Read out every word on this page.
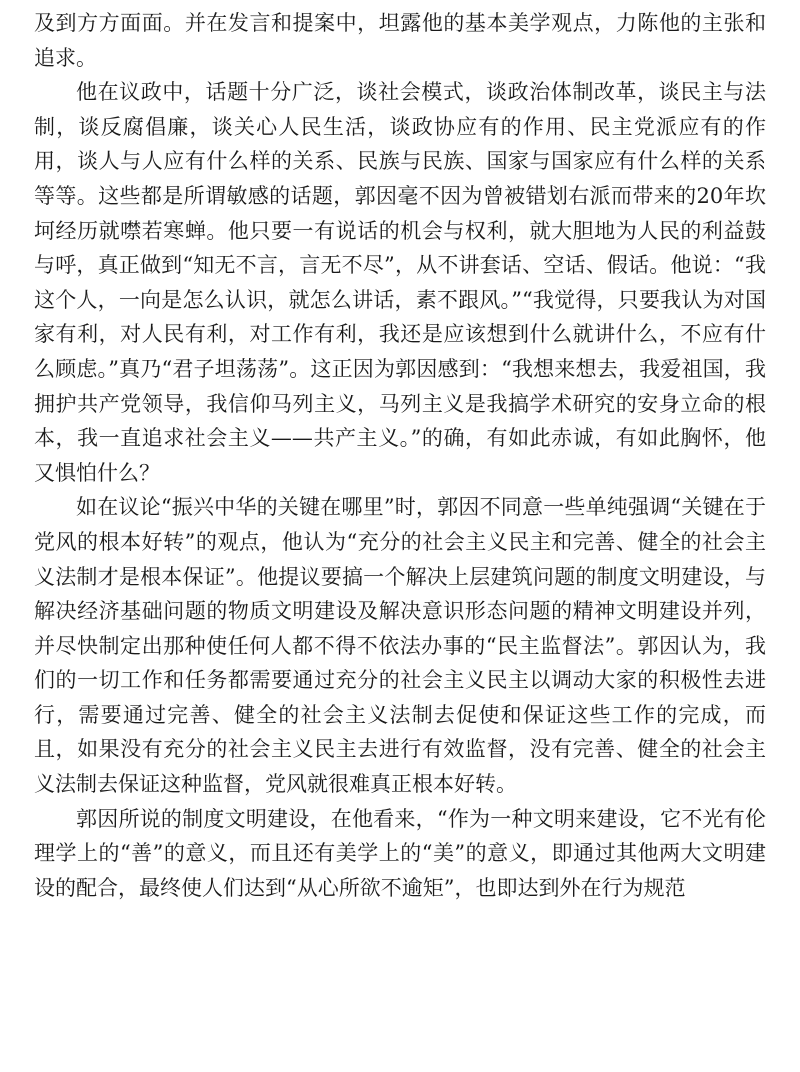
及到方方面面。并在发言和提案中，坦露他的基本美学观点，力陈他的主张和追求。

他在议政中，话题十分广泛，谈社会模式，谈政治体制改革，谈民主与法制，谈反腐倡廉，谈关心人民生活，谈政协应有的作用、民主党派应有的作用，谈人与人应有什么样的关系、民族与民族、国家与国家应有什么样的关系等等。这些都是所谓敏感的话题，郭因毫不因为曾被错划右派而带来的20年坎坷经历就噤若寒蝉。他只要一有说话的机会与权利，就大胆地为人民的利益鼓与呼，真正做到“知无不言，言无不尽”，从不讲套话、空话、假话。他说：“我这个人，一向是怎么认识，就怎么讲话，素不跟风。”“我觉得，只要我认为对国家有利，对人民有利，对工作有利，我还是应该想到什么就讲什么，不应有什么顾虑。”真乃“君子坦荡荡”。这正因为郭因感到：“我想来想去，我爱祖国，我拥护共产党领导，我信仰马列主义，马列主义是我搞学术研究的安身立命的根本，我一直追求社会主义——共产主义。”的确，有如此赤诚，有如此胸怀，他又惧怕什么？

如在议论“振兴中华的关键在哪里”时，郭因不同意一些单纯强调“关键在于党风的根本好转”的观点，他认为“充分的社会主义民主和完善、健全的社会主义法制才是根本保证”。他提议要搞一个解决上层建筑问题的制度文明建设，与解决经济基础问题的物质文明建设及解决意识形态问题的精神文明建设并列，并尽快制定出那种使任何人都不得不依法办事的“民主监督法”。郭因认为，我们的一切工作和任务都需要通过充分的社会主义民主以调动大家的积极性去进行，需要通过完善、健全的社会主义法制去促使和保证这些工作的完成，而且，如果没有充分的社会主义民主去进行有效监督，没有完善、健全的社会主义法制去保证这种监督，党风就很难真正根本好转。

郭因所说的制度文明建设，在他看来，“作为一种文明来建设，它不光有伦理学上的“善”的意义，而且还有美学上的“美”的意义，即通过其他两大文明建设的配合，最终使人们达到“从心所欲不逾矩”，也即达到外在行为规范
